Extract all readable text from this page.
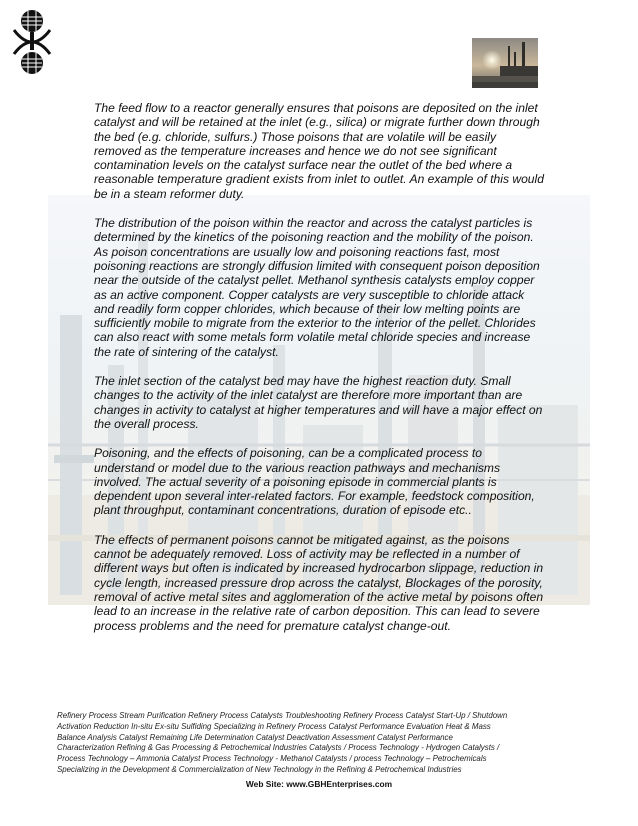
The feed flow to a reactor generally ensures that poisons are deposited on the inlet catalyst and will be retained at the inlet (e.g., silica) or migrate further down through the bed (e.g. chloride, sulfurs.) Those poisons that are volatile will be easily removed as the temperature increases and hence we do not see significant contamination levels on the catalyst surface near the outlet of the bed where a reasonable temperature gradient exists from inlet to outlet. An example of this would be in a steam reformer duty.

The distribution of the poison within the reactor and across the catalyst particles is determined by the kinetics of the poisoning reaction and the mobility of the poison. As poison concentrations are usually low and poisoning reactions fast, most poisoning reactions are strongly diffusion limited with consequent poison deposition near the outside of the catalyst pellet. Methanol synthesis catalysts employ copper as an active component. Copper catalysts are very susceptible to chloride attack and readily form copper chlorides, which because of their low melting points are sufficiently mobile to migrate from the exterior to the interior of the pellet. Chlorides can also react with some metals form volatile metal chloride species and increase the rate of sintering of the catalyst.

The inlet section of the catalyst bed may have the highest reaction duty. Small changes to the activity of the inlet catalyst are therefore more important than are changes in activity to catalyst at higher temperatures and will have a major effect on the overall process.

Poisoning, and the effects of poisoning, can be a complicated process to understand or model due to the various reaction pathways and mechanisms involved. The actual severity of a poisoning episode in commercial plants is dependent upon several inter-related factors. For example, feedstock composition, plant throughput, contaminant concentrations, duration of episode etc..

The effects of permanent poisons cannot be mitigated against, as the poisons cannot be adequately removed. Loss of activity may be reflected in a number of different ways but often is indicated by increased hydrocarbon slippage, reduction in cycle length, increased pressure drop across the catalyst, Blockages of the porosity, removal of active metal sites and agglomeration of the active metal by poisons often lead to an increase in the relative rate of carbon deposition. This can lead to severe process problems and the need for premature catalyst change-out.

Refinery Process Stream Purification Refinery Process Catalysts Troubleshooting Refinery Process Catalyst Start-Up / Shutdown
Activation Reduction In-situ Ex-situ Sulfiding Specializing in Refinery Process Catalyst Performance Evaluation Heat & Mass
Balance Analysis Catalyst Remaining Life Determination Catalyst Deactivation Assessment Catalyst Performance
Characterization Refining & Gas Processing & Petrochemical Industries Catalysts / Process Technology - Hydrogen Catalysts /
Process Technology – Ammonia Catalyst Process Technology - Methanol Catalysts / process Technology – Petrochemicals
Specializing in the Development & Commercialization of New Technology in the Refining & Petrochemical Industries
Web Site: www.GBHEnterprises.com
